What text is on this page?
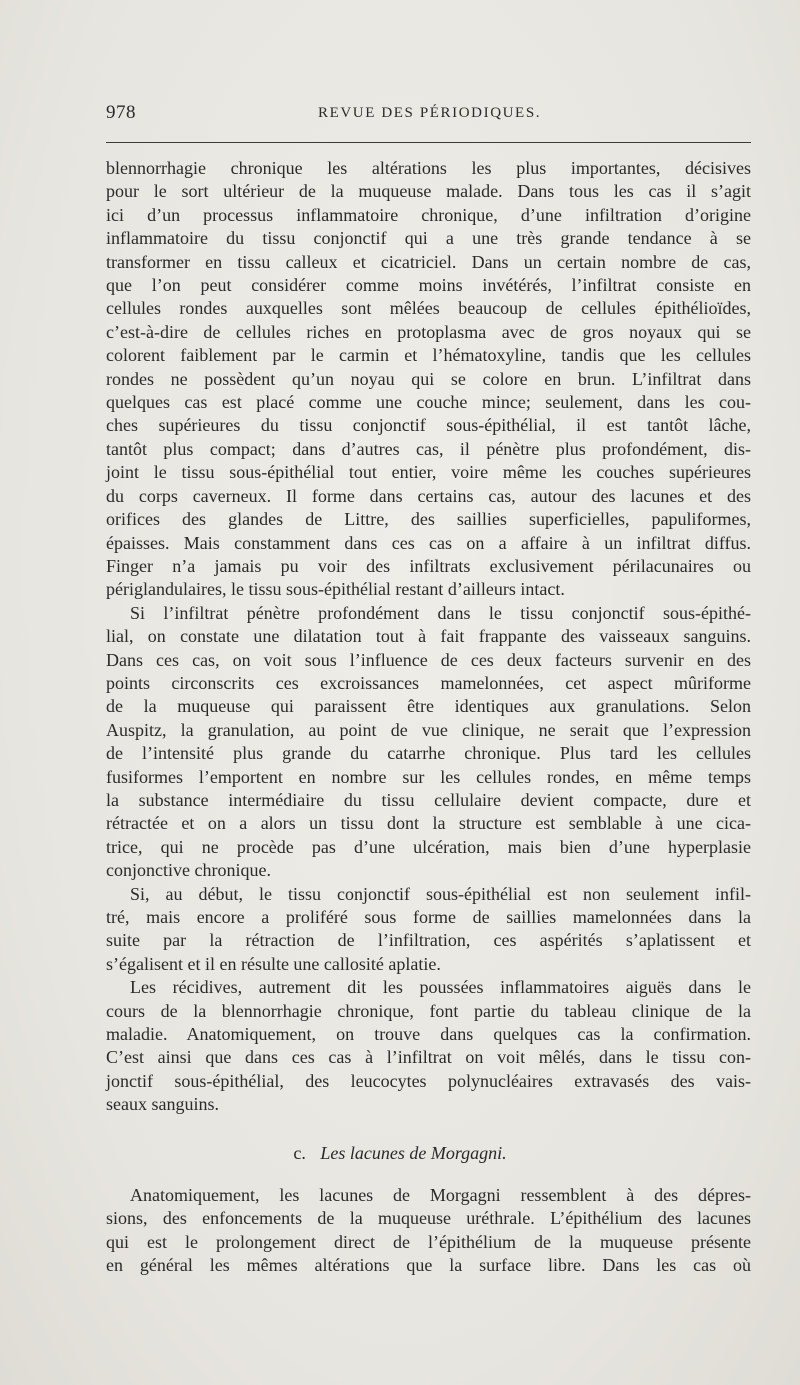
978	REVUE DES PÉRIODIQUES.

blennorrhagie chronique les altérations les plus importantes, décisives

pour le sort ultérieur de la muqueuse malade. Dans tous les cas il s’agit

ici d’un processus inflammatoire chronique, d’une infiltration d’origine

inflammatoire du tissu conjonctif qui a une très grande tendance à se

transformer en tissu calleux et cicatriciel. Dans un certain nombre de cas,

que l’on peut considérer comme moins invétérés, l’infiltrat consiste en

cellules rondes auxquelles sont mêlées beaucoup de cellules épithélioïdes,

c’est-à-dire de cellules riches en protoplasma avec de gros noyaux qui se

colorent faiblement par le carmin et l’hématoxyline, tandis que les cellules

rondes ne possèdent qu’un noyau qui se colore en brun. L’infiltrat dans

quelques cas est placé comme une couche mince; seulement, dans les cou-

ches supérieures du tissu conjonctif sous-épithélial, il est tantôt lâche,

tantôt plus compact; dans d’autres cas, il pénètre plus profondément, dis-

joint le tissu sous-épithélial tout entier, voire même les couches supérieures

du corps caverneux. Il forme dans certains cas, autour des lacunes et des

orifices des glandes de Littre, des saillies superficielles, papuliformes,

épaisses. Mais constamment dans ces cas on a affaire à un infiltrat diffus.

Finger n’a jamais pu voir des infiltrats exclusivement périlacunaires ou

périglandulaires, le tissu sous-épithélial restant d’ailleurs intact.

Si l’infiltrat pénètre profondément dans le tissu conjonctif sous-épithé-

lial, on constate une dilatation tout à fait frappante des vaisseaux sanguins.

Dans ces cas, on voit sous l’influence de ces deux facteurs survenir en des

points circonscrits ces excroissances mamelonnées, cet aspect mûriforme

de la muqueuse qui paraissent être identiques aux granulations. Selon

Auspitz, la granulation, au point de vue clinique, ne serait que l’expression

de l’intensité plus grande du catarrhe chronique. Plus tard les cellules

fusiformes l’emportent en nombre sur les cellules rondes, en même temps

la substance intermédiaire du tissu cellulaire devient compacte, dure et

rétractée et on a alors un tissu dont la structure est semblable à une cica-

trice, qui ne procède pas d’une ulcération, mais bien d’une hyperplasie

conjonctive chronique.

Si, au début, le tissu conjonctif sous-épithélial est non seulement infil-

tré, mais encore a proliféré sous forme de saillies mamelonnées dans la

suite par la rétraction de l’infiltration, ces aspérités s’aplatissent et

s’égalisent et il en résulte une callosité aplatie.

Les récidives, autrement dit les poussées inflammatoires aiguës dans le

cours de la blennorrhagie chronique, font partie du tableau clinique de la

maladie. Anatomiquement, on trouve dans quelques cas la confirmation.

C’est ainsi que dans ces cas à l’infiltrat on voit mêlés, dans le tissu con-

jonctif sous-épithélial, des leucocytes polynucléaires extravasés des vais-

seaux sanguins.

c. Les lacunes de Morgagni.

Anatomiquement, les lacunes de Morgagni ressemblent à des dépres-

sions, des enfoncements de la muqueuse uréthrale. L’épithélium des lacunes

qui est le prolongement direct de l’épithélium de la muqueuse présente

en général les mêmes altérations que la surface libre. Dans les cas où
